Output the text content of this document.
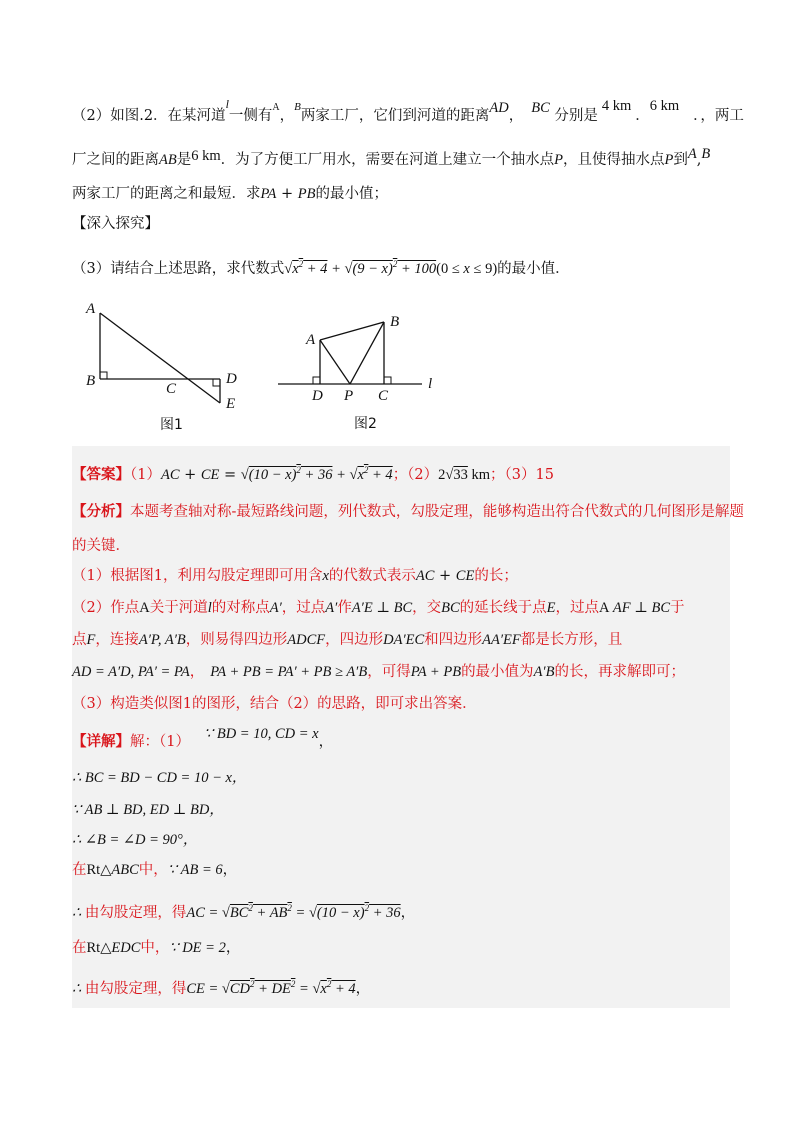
（2）如图.2．在某河道$^l$一侧有$^A$，$^B$两家工厂，它们到河道的距离AD， BC 分别是4 km．6 km．，两工
厂之间的距离AB是6 km．为了方便工厂用水，需要在河道上建立一个抽水点P，且使得抽水点P到A,B
两家工厂的距离之和最短．求PA + PB的最小值；
【深入探究】
（3）请结合上述思路，求代数式$√x^2 + 4 + √(9 - x)^2 + 100(0 \le x \le 9)$的最小值．
A
B	C
D
E
图1
A
B
D P C
l
图2
【答案】（1）AC + CE = $√(10 - x)^2 + 36 + √x^2 + 4$；（2）2√33 km；（3）15
【分析】本题考查轴对称-最短路线问题，列代数式，勾股定理，能够构造出符合代数式的几何图形是解题
的关键．
（1）根据图1，利用勾股定理即可用含x的代数式表示AC + CE的长；
（2）作点A关于河道l的对称点A′，过点A′作A′E ⊥ BC，交BC的延长线于点E，过点A AF ⊥ BC于
点F，连接A′P, A′B，则易得四边形ADCF，四边形DA′EC和四边形AA′EF都是长方形，且
AD = A′D, PA′ = PA， PA + PB = PA′ + PB ≥ A′B，可得PA + PB的最小值为A′B的长，再求解即可；
（3）构造类似图1的图形，结合（2）的思路，即可求出答案．
【详解】解：（1） ∵ BD = 10, CD = x，
∴ BC = BD − CD = 10 − x，
∵ AB ⊥ BD, ED ⊥ BD，
∴ ∠B = ∠D = 90°，
在Rt△ABC中，∵ AB = 6，
∴ 由勾股定理，得AC = $√BC^2 + AB^2 = √(10 - x)^2 + 36$，
在Rt△EDC中，∵ DE = 2，
∴ 由勾股定理，得CE = $√CD^2 + DE^2 = √x^2 + 4$，
